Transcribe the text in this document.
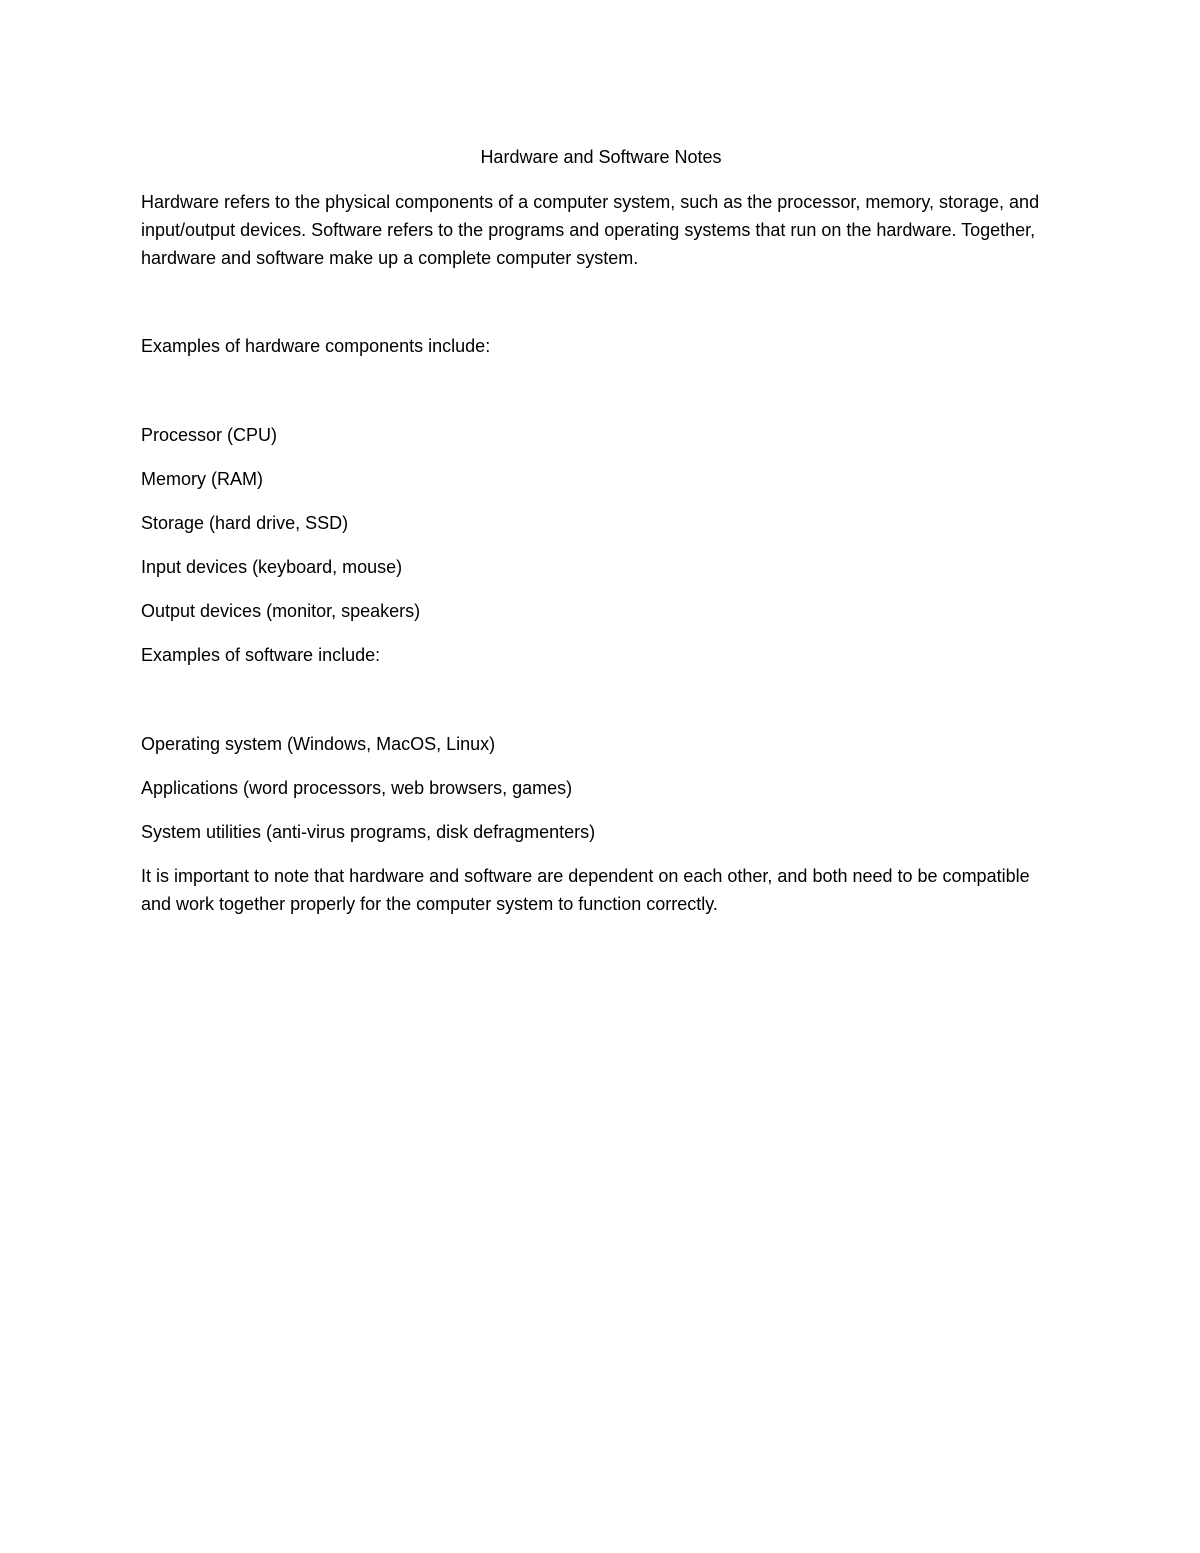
Hardware and Software Notes

Hardware refers to the physical components of a computer system, such as the processor, memory, storage, and input/output devices. Software refers to the programs and operating systems that run on the hardware. Together, hardware and software make up a complete computer system.

Examples of hardware components include:

Processor (CPU)

Memory (RAM)

Storage (hard drive, SSD)

Input devices (keyboard, mouse)

Output devices (monitor, speakers)

Examples of software include:

Operating system (Windows, MacOS, Linux)

Applications (word processors, web browsers, games)

System utilities (anti-virus programs, disk defragmenters)

It is important to note that hardware and software are dependent on each other, and both need to be compatible and work together properly for the computer system to function correctly.
